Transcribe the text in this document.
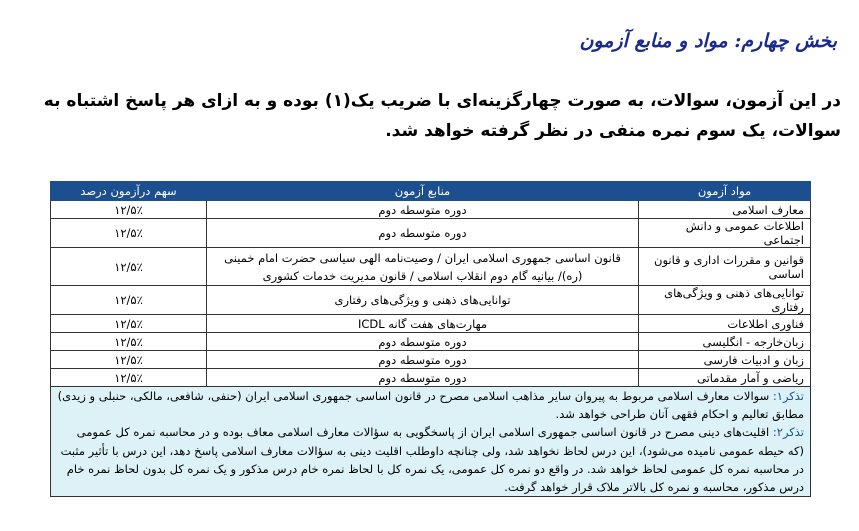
بخش چهارم: مواد و منابع آزمون
در این آزمون، سوالات، به صورت چهارگزینه‌ای با ضریب یک(۱) بوده و به ازای هر پاسخ اشتباه به سوالات، یک سوم نمره منفی در نظر گرفته خواهد شد.
مواد آزمون	منابع آزمون	سهم درآزمون درصد
معارف اسلامی	دوره متوسطه دوم	۱۲/۵٪
اطلاعات عمومی و دانش اجتماعی	دوره متوسطه دوم	۱۲/۵٪
قوانین و مقررات اداری و قانون اساسی	قانون اساسی جمهوری اسلامی ایران / وصیت‌نامه الهی سیاسی حضرت امام خمینی (ره)/ بیانیه گام دوم انقلاب اسلامی / قانون مدیریت خدمات کشوری	۱۲/۵٪
توانایی‌های ذهنی و ویژگی‌های رفتاری	توانایی‌های ذهنی و ویژگی‌های رفتاری	۱۲/۵٪
فناوری اطلاعات	مهارت‌های هفت گانه ICDL	۱۲/۵٪
زبان‌خارجه - انگلیسی	دوره متوسطه دوم	۱۲/۵٪
زبان و ادبیات فارسی	دوره متوسطه دوم	۱۲/۵٪
ریاضی و آمار مقدماتی	دوره متوسطه دوم	۱۲/۵٪

تذکر۱: سوالات معارف اسلامی مربوط به پیروان سایر مذاهب اسلامی مصرح در قانون اساسی جمهوری اسلامی ایران (حنفی، شافعی، مالکی، حنبلی و زیدی) مطابق تعالیم و احکام فقهی آنان طراحی خواهد شد.
تذکر۲: اقلیت‌های دینی مصرح در قانون اساسی جمهوری اسلامی ایران از پاسخگویی به سؤالات معارف اسلامی معاف بوده و در محاسبه نمره کل عمومی (که حیطه عمومی نامیده می‌شود)، این درس لحاظ نخواهد شد، ولی چنانچه داوطلب اقلیت دینی به سؤالات معارف اسلامی پاسخ دهد، این درس با تأثیر مثبت در محاسبه نمره کل عمومی لحاظ خواهد شد. در واقع دو نمره کل عمومی، یک نمره کل با لحاظ نمره خام درس مذکور و یک نمره کل بدون لحاظ نمره خام درس مذکور، محاسبه و نمره کل بالاتر ملاک قرار خواهد گرفت.		
